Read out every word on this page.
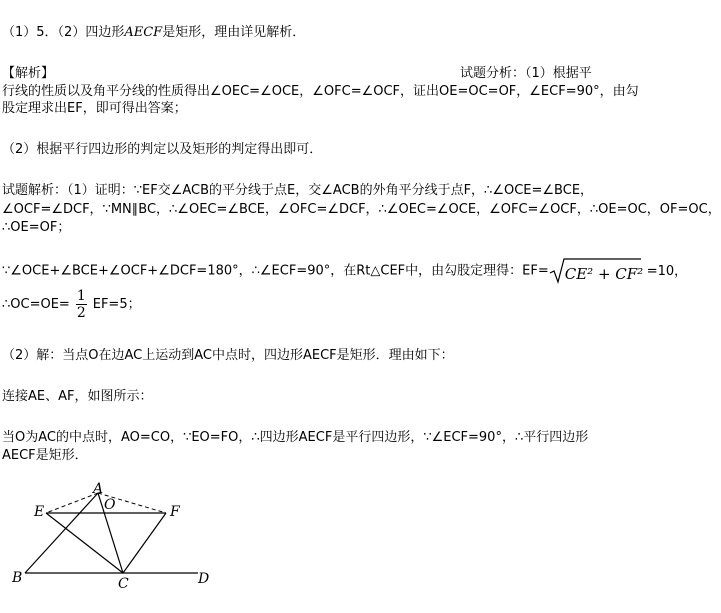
（1）5．（2）四边形AECF是矩形，理由详见解析．
【解析】	试题分析：（1）根据平
行线的性质以及角平分线的性质得出∠OEC=∠OCE，∠OFC=∠OCF，证出OE=OC=OF，∠ECF=90°，由勾
股定理求出EF，即可得出答案；
（2）根据平行四边形的判定以及矩形的判定得出即可．
试题解析：（1）证明：∵EF交∠ACB的平分线于点E，交∠ACB的外角平分线于点F，∴∠OCE=∠BCE，
∠OCF=∠DCF，∵MN∥BC，∴∠OEC=∠BCE，∠OFC=∠DCF，∴∠OEC=∠OCE，∠OFC=∠OCF，∴OE=OC，OF=OC，
∴OE=OF；
∵∠OCE+∠BCE+∠OCF+∠DCF=180°，∴∠ECF=90°，在Rt△CEF中，由勾股定理得：EF= CE² + CF² =10，
∴OC=OE= $\frac{1}{2} EF=5$；
（2）解：当点O在边AC上运动到AC中点时，四边形AECF是矩形．理由如下：
连接AE、AF，如图所示：
当O为AC的中点时，AO=CO，∵EO=FO，∴四边形AECF是平行四边形，∵∠ECF=90°，∴平行四边形
AECF是矩形．
A
O
E	F
B	C	D
